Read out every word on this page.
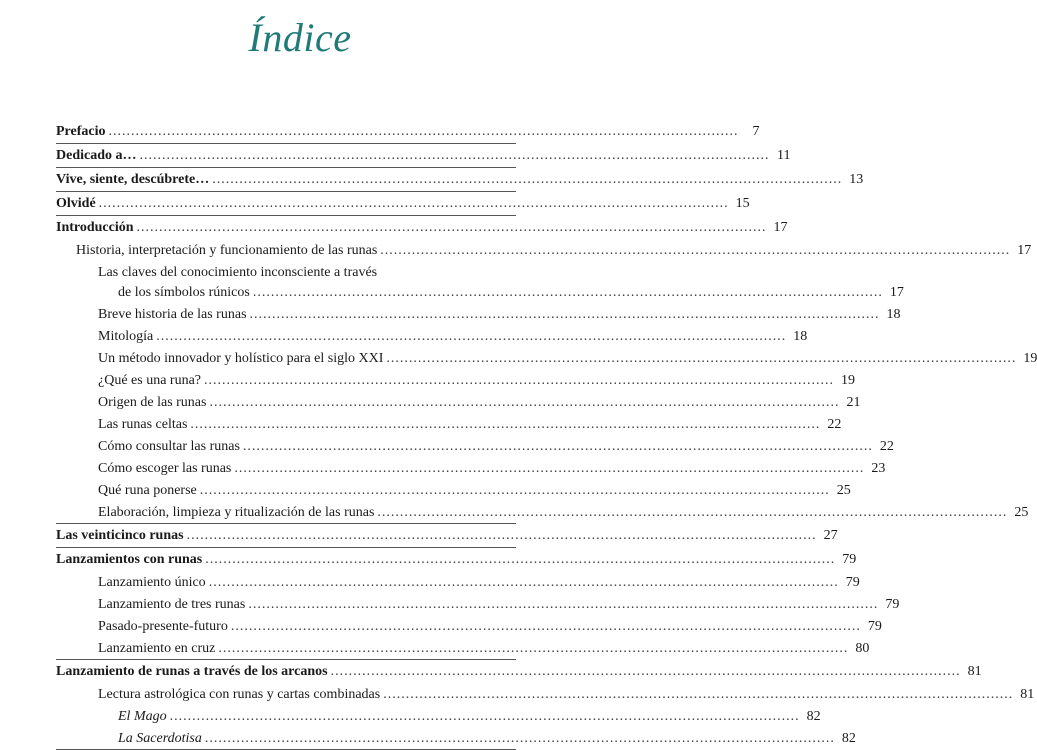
Índice
Prefacio ............................................................................................................................................	7
Dedicado a… ............................................................................................................................................ 11
Vive, siente, descúbrete… ............................................................................................................................................ 13
Olvidé ............................................................................................................................................ 15
Introducción ............................................................................................................................................ 17
Historia, interpretación y funcionamiento de las runas ............................................................................................................................................ 17
Las claves del conocimiento inconsciente a través
de los símbolos rúnicos ............................................................................................................................................ 17
Breve historia de las runas ............................................................................................................................................ 18
Mitología ............................................................................................................................................ 18
Un método innovador y holístico para el siglo XXI ............................................................................................................................................ 19
¿Qué es una runa? ............................................................................................................................................ 19
Origen de las runas ............................................................................................................................................ 21
Las runas celtas ............................................................................................................................................ 22
Cómo consultar las runas ............................................................................................................................................ 22
Cómo escoger las runas ............................................................................................................................................ 23
Qué runa ponerse ............................................................................................................................................ 25
Elaboración, limpieza y ritualización de las runas ............................................................................................................................................ 25
Las veinticinco runas ............................................................................................................................................ 27
Lanzamientos con runas ............................................................................................................................................ 79
Lanzamiento único ............................................................................................................................................ 79
Lanzamiento de tres runas ............................................................................................................................................ 79
Pasado-presente-futuro ............................................................................................................................................ 79
Lanzamiento en cruz ............................................................................................................................................ 80
Lanzamiento de runas a través de los arcanos ............................................................................................................................................ 81
Lectura astrológica con runas y cartas combinadas ............................................................................................................................................ 81
El Mago ............................................................................................................................................ 82
La Sacerdotisa ............................................................................................................................................ 82
